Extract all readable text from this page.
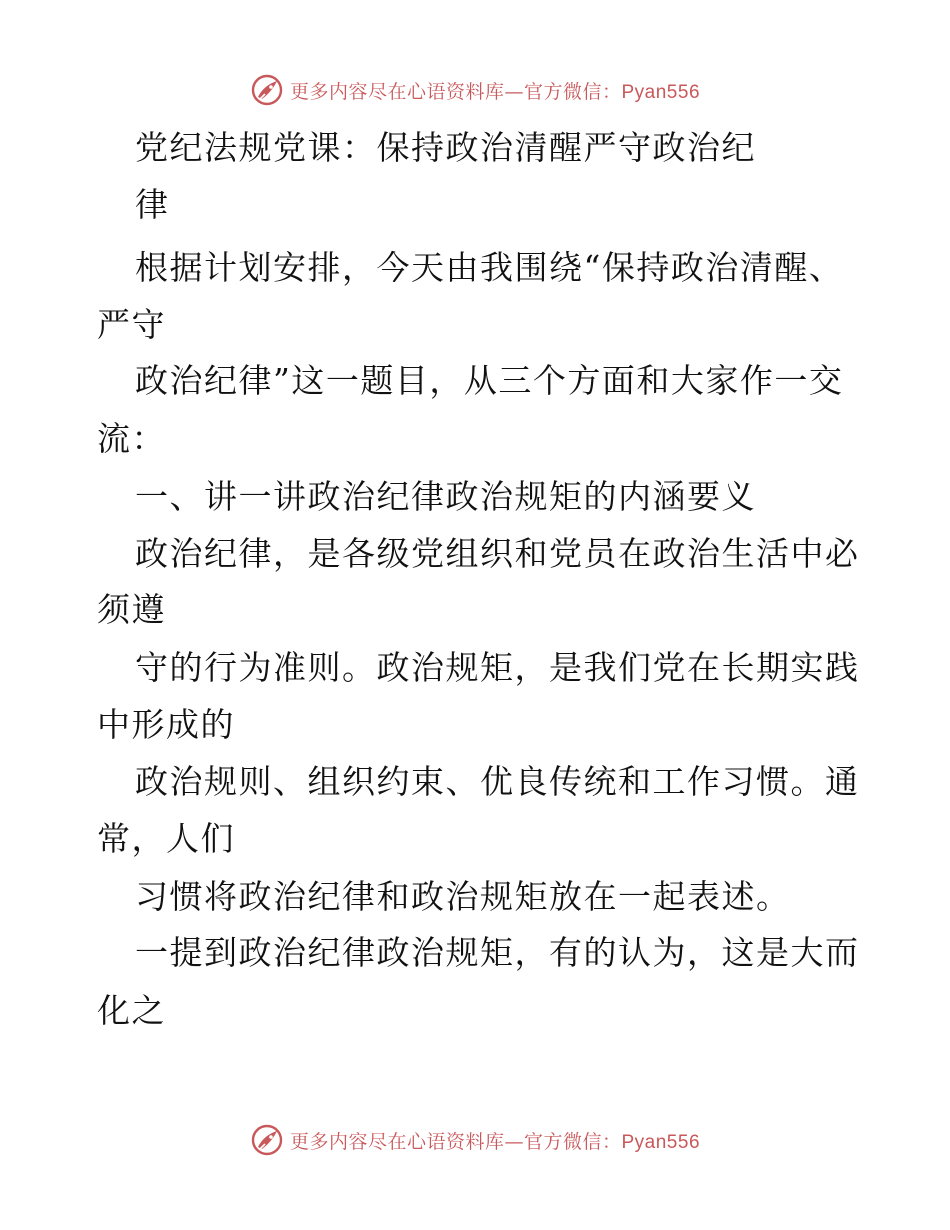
更多内容尽在心语资料库—官方微信：Pyan556
党纪法规党课：保持政治清醒严守政治纪
律
根据计划安排，今天由我围绕“保持政治清醒、
严守
政治纪律”这一题目，从三个方面和大家作一交
流：
一、讲一讲政治纪律政治规矩的内涵要义
政治纪律，是各级党组织和党员在政治生活中必
须遵
守的行为准则。政治规矩，是我们党在长期实践
中形成的
政治规则、组织约束、优良传统和工作习惯。通
常，人们
习惯将政治纪律和政治规矩放在一起表述。
一提到政治纪律政治规矩，有的认为，这是大而
化之
更多内容尽在心语资料库—官方微信：Pyan556
